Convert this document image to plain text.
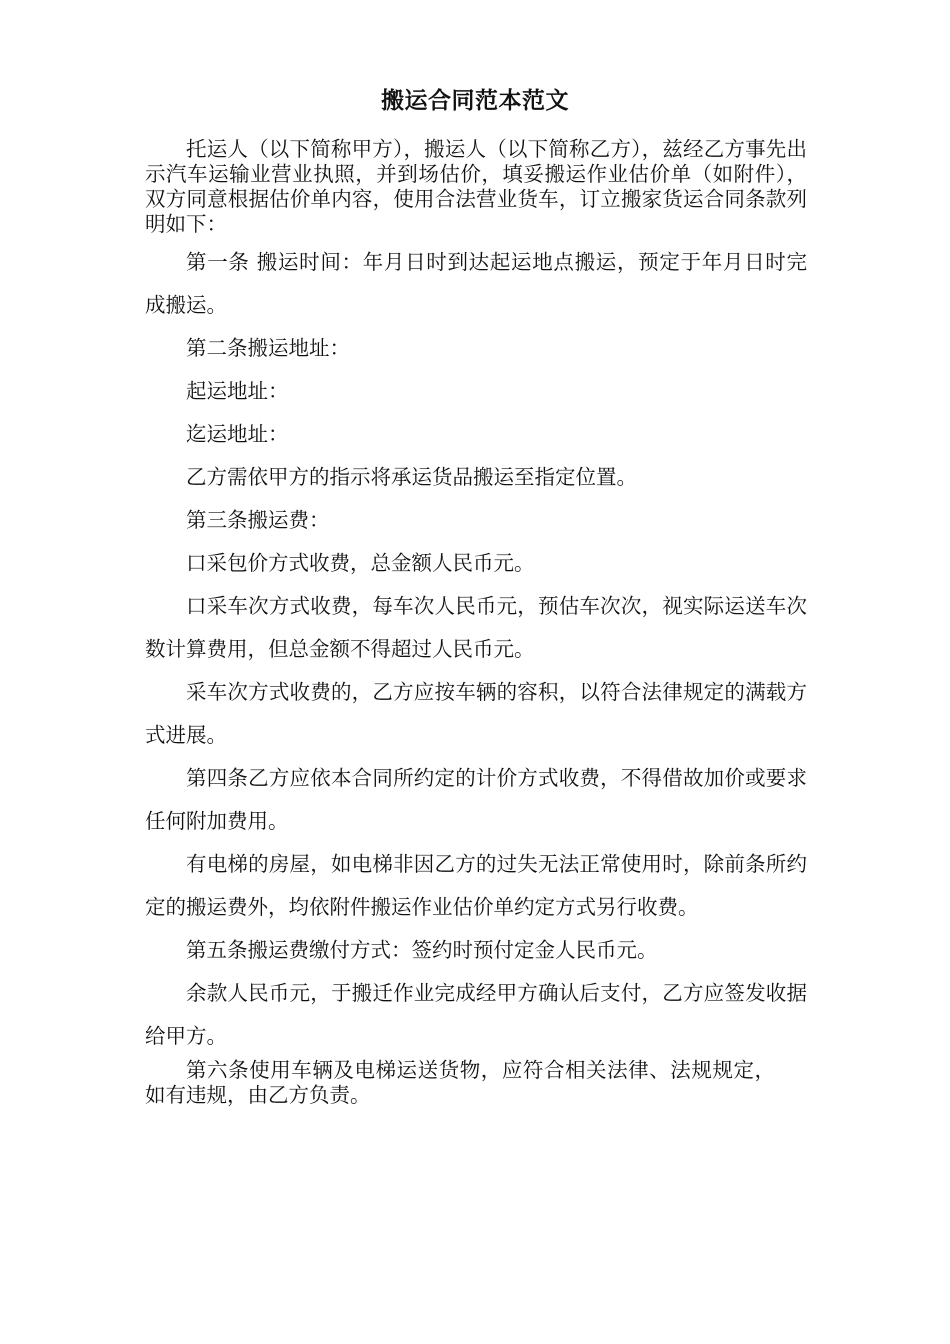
搬运合同范本范文

托运人（以下简称甲方），搬运人（以下简称乙方），兹经乙方事先出示汽车运输业营业执照，并到场估价，填妥搬运作业估价单（如附件），双方同意根据估价单内容，使用合法营业货车，订立搬家货运合同条款列明如下：

第一条 搬运时间：年月日时到达起运地点搬运，预定于年月日时完成搬运。

第二条搬运地址：

起运地址：

迄运地址：

乙方需依甲方的指示将承运货品搬运至指定位置。

第三条搬运费：

口采包价方式收费，总金额人民币元。

口采车次方式收费，每车次人民币元，预估车次次，视实际运送车次数计算费用，但总金额不得超过人民币元。

采车次方式收费的，乙方应按车辆的容积，以符合法律规定的满载方式进展。

第四条乙方应依本合同所约定的计价方式收费，不得借故加价或要求任何附加费用。

有电梯的房屋，如电梯非因乙方的过失无法正常使用时，除前条所约定的搬运费外，均依附件搬运作业估价单约定方式另行收费。

第五条搬运费缴付方式：签约时预付定金人民币元。

余款人民币元，于搬迁作业完成经甲方确认后支付，乙方应签发收据给甲方。

第六条使用车辆及电梯运送货物，应符合相关法律、法规规定，如有违规，由乙方负责。
